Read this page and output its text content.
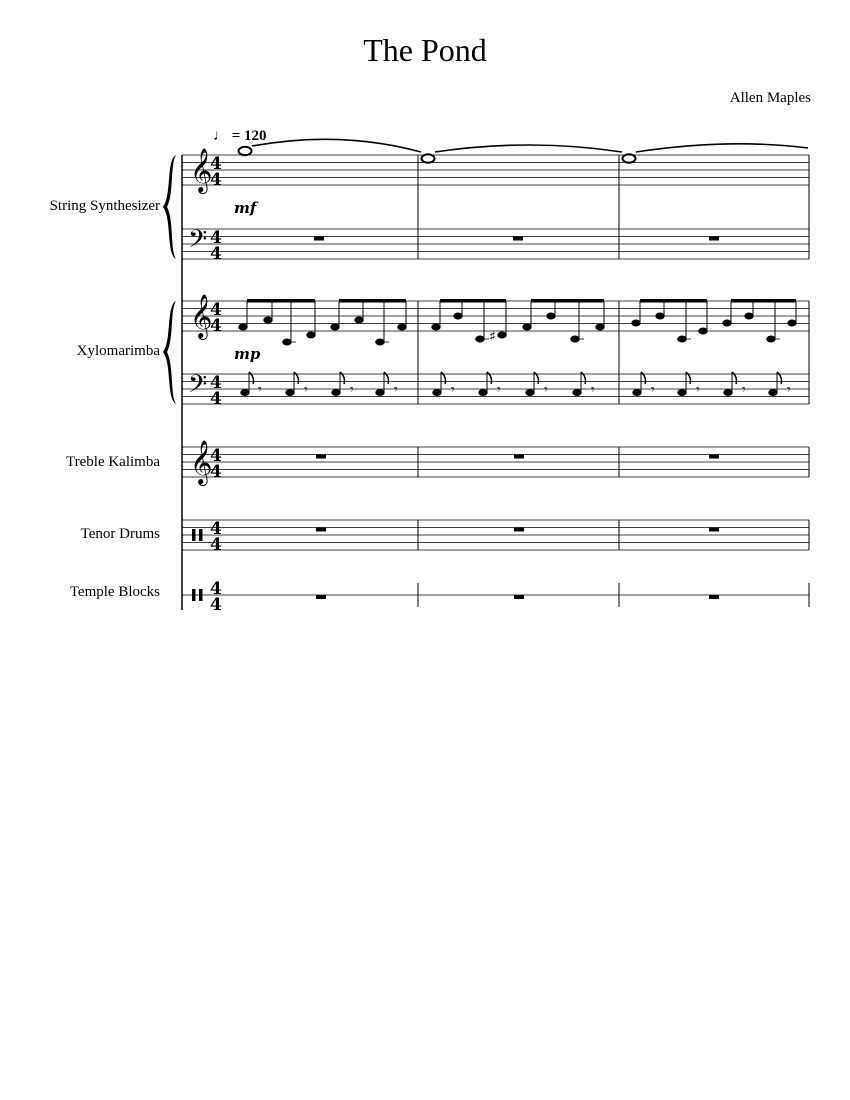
The Pond
Allen Maples
♩ = 120
String Synthesizer
Xylomarimba
Treble Kalimba
Tenor Drums
Temple Blocks
𝄞
𝄢
4
4
4
4
mf
𝄞
𝄢
4
4
4
4
mp
♯
𝄾	𝄾	𝄾	𝄾	𝄾	𝄾	𝄾	𝄾	𝄾	𝄾	𝄾	𝄾
𝄞
4
4
4
4
4
4
